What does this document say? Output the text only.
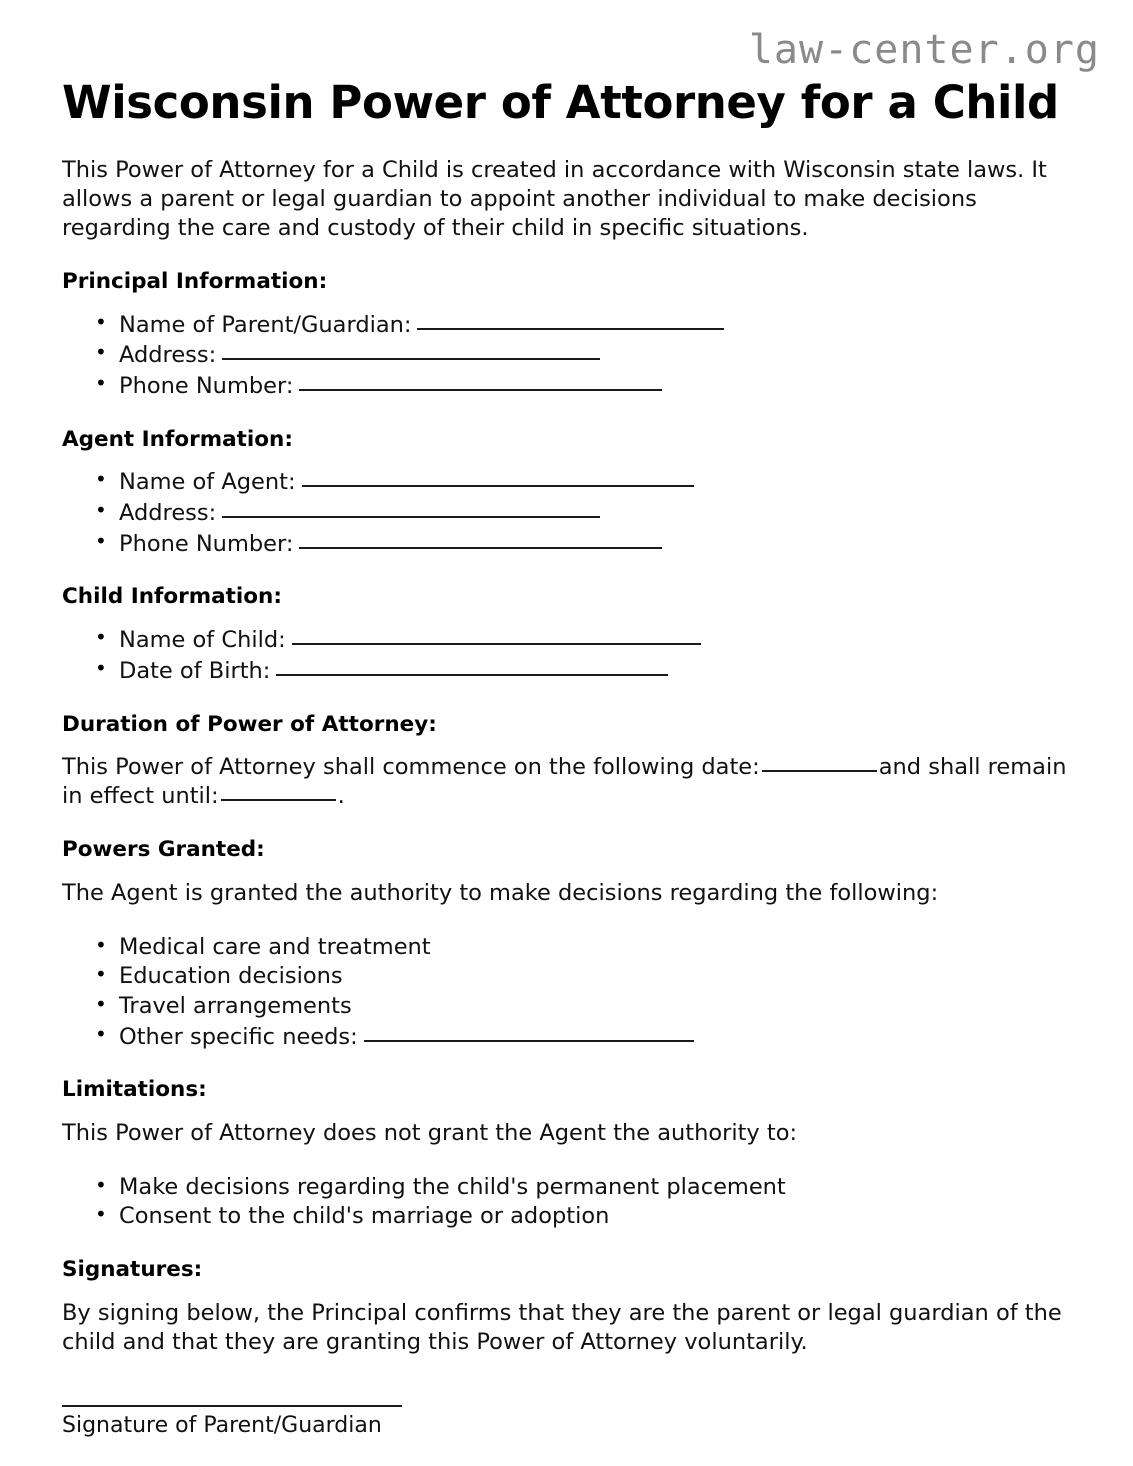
law-center.org
Wisconsin Power of Attorney for a Child

This Power of Attorney for a Child is created in accordance with Wisconsin state laws. It allows a parent or legal guardian to appoint another individual to make decisions regarding the care and custody of their child in specific situations.

Principal Information:
• Name of Parent/Guardian:
• Address:
• Phone Number:
Agent Information:
• Name of Agent:
• Address:
• Phone Number:
Child Information:
• Name of Child:
• Date of Birth:
Duration of Power of Attorney:

This Power of Attorney shall commence on the following date:	and shall remain in effect until:	.

Powers Granted:

The Agent is granted the authority to make decisions regarding the following:

• Medical care and treatment
• Education decisions
• Travel arrangements
• Other specific needs:
Limitations:

This Power of Attorney does not grant the Agent the authority to:

• Make decisions regarding the child's permanent placement
• Consent to the child's marriage or adoption
Signatures:

By signing below, the Principal confirms that they are the parent or legal guardian of the child and that they are granting this Power of Attorney voluntarily.

Signature of Parent/Guardian
